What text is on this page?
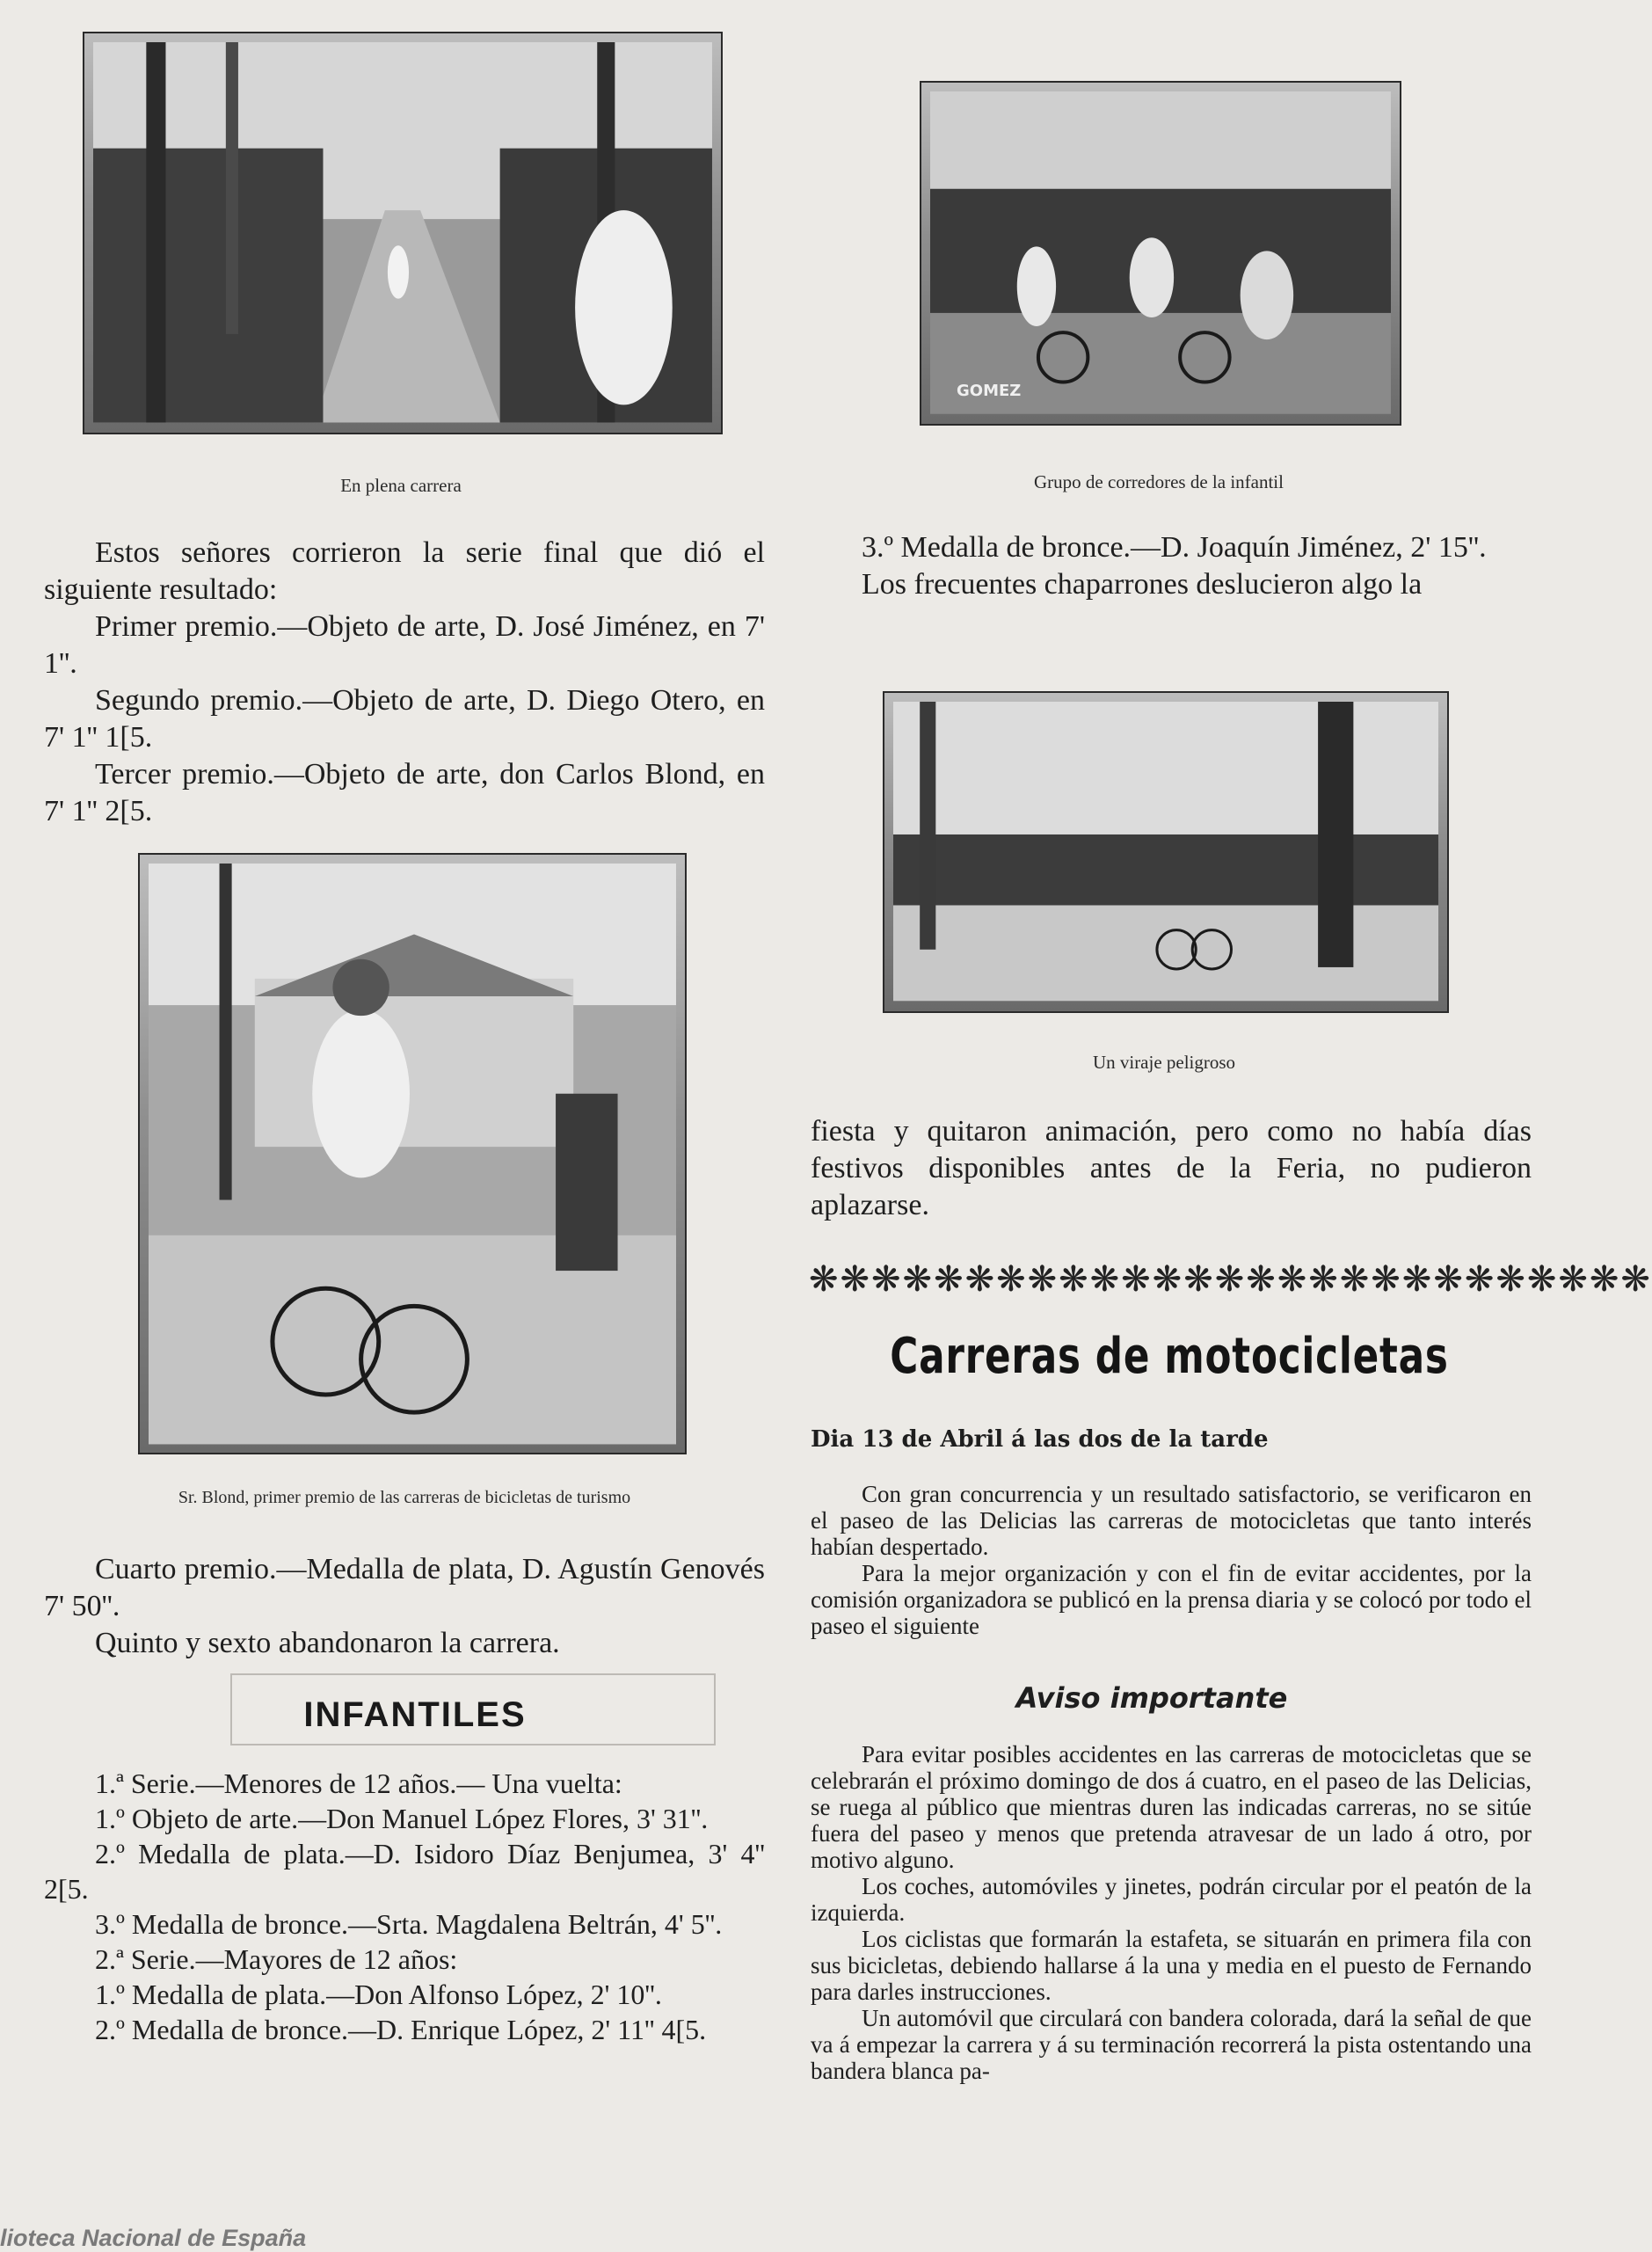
En plena carrera
GOMEZ
Grupo de corredores de la infantil

Estos señores corrieron la serie final que dió el siguiente resultado:

Primer premio.—Objeto de arte, D. José Jiménez, en 7' 1''.

Segundo premio.—Objeto de arte, D. Diego Otero, en 7' 1'' 1[5.

Tercer premio.—Objeto de arte, don Carlos Blond, en 7' 1'' 2[5.

Sr. Blond, primer premio de las carreras de bicicletas de turismo

Cuarto premio.—Medalla de plata, D. Agustín Genovés 7' 50''.

Quinto y sexto abandonaron la carrera.

INFANTILES

1.ª Serie.—Menores de 12 años.— Una vuelta:

1.º Objeto de arte.—Don Manuel López Flores, 3' 31''.

2.º Medalla de plata.—D. Isidoro Díaz Benjumea, 3' 4'' 2[5.

3.º Medalla de bronce.—Srta. Magdalena Beltrán, 4' 5''.

2.ª Serie.—Mayores de 12 años:

1.º Medalla de plata.—Don Alfonso López, 2' 10''.

2.º Medalla de bronce.—D. Enrique López, 2' 11'' 4[5.

3.º Medalla de bronce.—D. Joaquín Jiménez, 2' 15''.

Los frecuentes chaparrones deslucieron algo la

Un viraje peligroso

fiesta y quitaron animación, pero como no había días festivos disponibles antes de la Feria, no pudieron aplazarse.

❋❋❋❋❋❋❋❋❋❋❋❋❋❋❋❋❋❋❋❋❋❋❋❋❋❋❋
Carreras de motocicletas
Dia 13 de Abril á las dos de la tarde

Con gran concurrencia y un resultado satisfactorio, se verificaron en el paseo de las Delicias las carreras de motocicletas que tanto interés habían despertado.

Para la mejor organización y con el fin de evitar accidentes, por la comisión organizadora se publicó en la prensa diaria y se colocó por todo el paseo el siguiente

Aviso importante

Para evitar posibles accidentes en las carreras de motocicletas que se celebrarán el próximo domingo de dos á cuatro, en el paseo de las Delicias, se ruega al público que mientras duren las indicadas carreras, no se sitúe fuera del paseo y menos que pretenda atravesar de un lado á otro, por motivo alguno.

Los coches, automóviles y jinetes, podrán circular por el peatón de la izquierda.

Los ciclistas que formarán la estafeta, se situarán en primera fila con sus bicicletas, debiendo hallarse á la una y media en el puesto de Fernando para darles instrucciones.

Un automóvil que circulará con bandera colorada, dará la señal de que va á empezar la carrera y á su terminación recorrerá la pista ostentando una bandera blanca pa-

lioteca Nacional de España
